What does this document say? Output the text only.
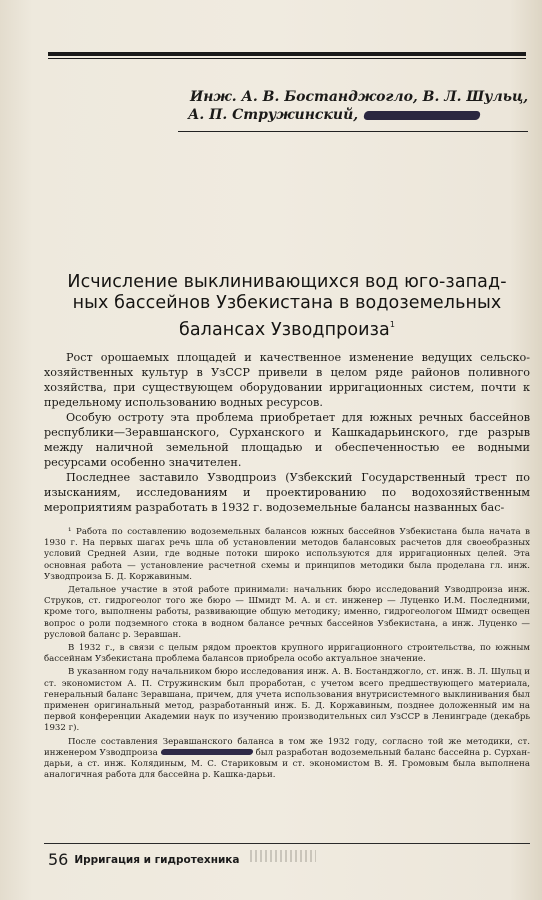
Инж. А. В. Бостанджогло, В. Л. Шульц,
А. П. Стружинский,
Исчисление выклинивающихся вод юго-запад-
ных бассейнов Узбекистана в водоземельных
балансах Узводпроиза$^1$

Рост орошаемых площадей и качественное изменение ведущих сельско-хозяйственных культур в УзССР привели в целом ряде районов поливного хозяйства, при существующем оборудовании ирригационных систем, почти к предельному использованию водных ресурсов.

Особую остроту эта проблема приобретает для южных речных бассейнов республики—Зеравшанского, Сурханского и Кашкадарьинского, где разрыв между наличной земельной площадью и обеспеченностью ее водными ресурсами особенно значителен.

Последнее заставило Узводпроиз (Узбекский Государственный трест по изысканиям, исследованиям и проектированию по водохозяйственным мероприятиям разработать в 1932 г. водоземельные балансы названных бас-

¹ Работа по составлению водоземельных балансов южных бассейнов Узбекистана была начата в 1930 г. На первых шагах речь шла об установлении методов балансовых расчетов для своеобразных условий Средней Азии, где водные потоки широко используются для ирригационных целей. Эта основная работа — установление расчетной схемы и принципов методики была проделана гл. инж. Узводпроиза Б. Д. Коржавиным.

Детальное участие в этой работе принимали: начальник бюро исследований Узводпроиза инж. Струков, ст. гидрогеолог того же бюро — Шмидт М. А. и ст. инженер — Луценко И.М. Последними, кроме того, выполнены работы, развивающие общую методику; именно, гидрогеологом Шмидт освещен вопрос о роли подземного стока в водном балансе речных бассейнов Узбекистана, а инж. Луценко — русловой баланс р. Зеравшан.

В 1932 г., в связи с целым рядом проектов крупного ирригационного строительства, по южным бассейнам Узбекистана проблема балансов приобрела особо актуальное значение.

В указанном году начальником бюро исследования инж. А. В. Бостанджогло, ст. инж. В. Л. Шульц и ст. экономистом А. П. Стружинским был проработан, с учетом всего предшествующего материала, генеральный баланс Зеравшана, причем, для учета использования внутрисистемного выклинивания был применен оригинальный метод, разработанный инж. Б. Д. Коржавиным, позднее доложенный им на первой конференции Академии наук по изучению производительных сил УзССР в Ленинграде (декабрь 1932 г).

После составления Зеравшанского баланса в том же 1932 году, согласно той же методики, ст. инженером Узводпроиза	был разработан водоземельный баланс бассейна р. Сурхан-дарьи, а ст. инж. Колядиным, М. С. Стариковым и ст. экономистом В. Я. Громовым была выполнена аналогичная работа для бассейна р. Кашка-дарьи.

56 Ирригация и гидротехника
